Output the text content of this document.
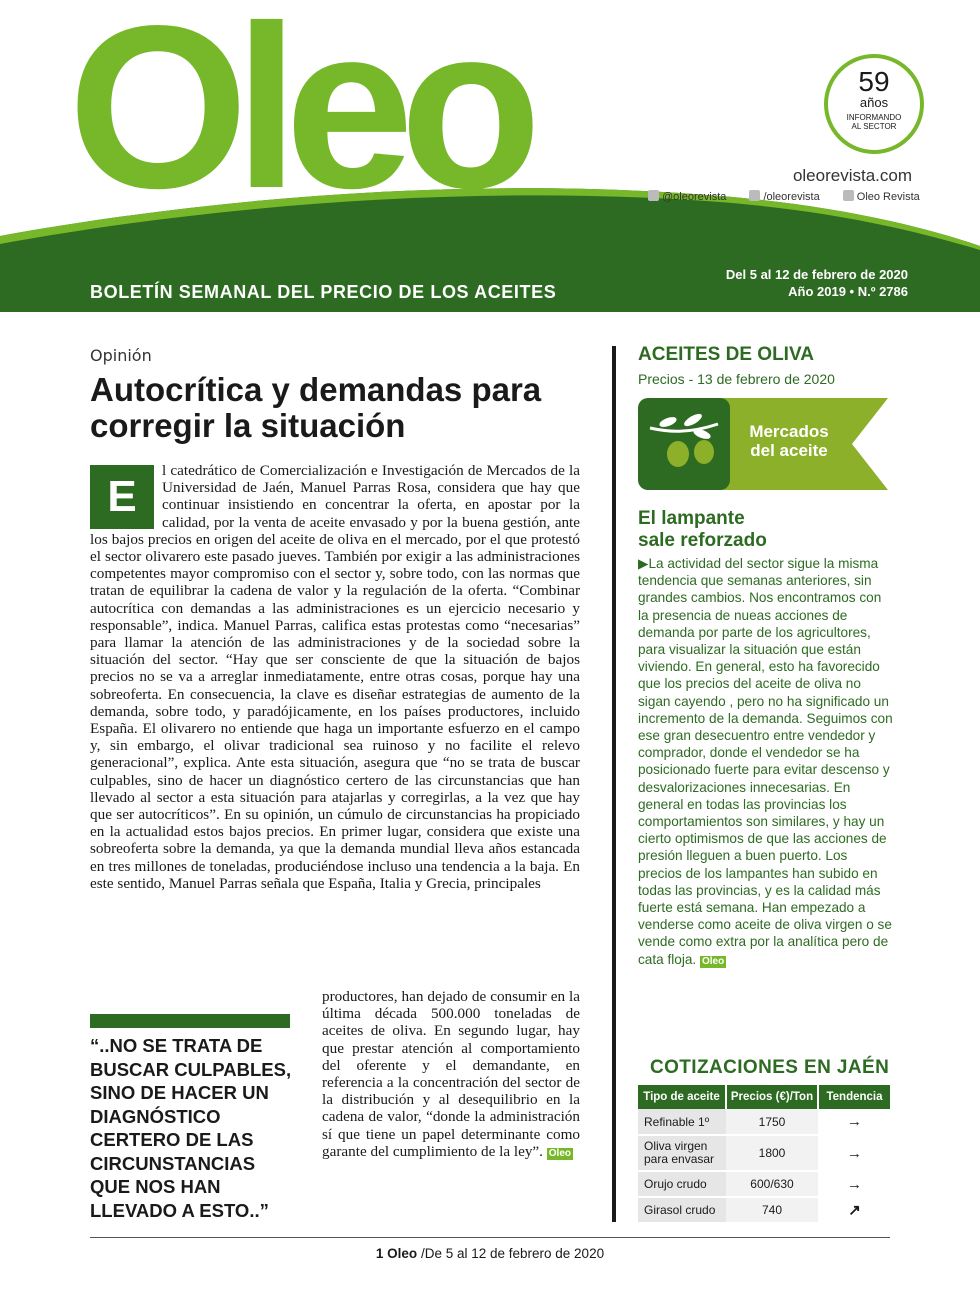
Oleo	59
años
INFORMANDO
AL SECTOR
oleorevista.com
@oleorevista	/oleorevista	Oleo Revista
BOLETÍN SEMANAL DEL PRECIO DE LOS ACEITES
Del 5 al 12 de febrero de 2020
Año 2019 • N.º 2786
Opinión
Autocrítica y demandas para corregir la situación
E

l catedrático de Comercialización e Investigación de Mercados de la Universidad de Jaén, Manuel Parras Rosa, considera que hay que continuar insistiendo en concentrar la oferta, en apostar por la calidad, por la venta de aceite envasado y por la buena gestión, ante los bajos precios en origen del aceite de oliva en el mercado, por el que protestó el sector olivarero este pasado jueves. También por exigir a las administraciones competentes mayor compromiso con el sector y, sobre todo, con las normas que tratan de equilibrar la cadena de valor y la regulación de la oferta. “Combinar autocrítica con demandas a las administraciones es un ejercicio necesario y responsable”, indica. Manuel Parras, califica estas protestas como “necesarias” para llamar la atención de las administraciones y de la sociedad sobre la situación del sector. “Hay que ser consciente de que la situación de bajos precios no se va a arreglar inmediatamente, entre otras cosas, porque hay una sobreoferta. En consecuencia, la clave es diseñar estrategias de aumento de la demanda, sobre todo, y paradójicamente, en los países productores, incluido España. El olivarero no entiende que haga un importante esfuerzo en el campo y, sin embargo, el olivar tradicional sea ruinoso y no facilite el relevo generacional”, explica. Ante esta situación, asegura que “no se trata de buscar culpables, sino de hacer un diagnóstico certero de las circunstancias que han llevado al sector a esta situación para atajarlas y corregirlas, a la vez que hay que ser autocríticos”. En su opinión, un cúmulo de circunstancias ha propiciado en la actualidad estos bajos precios. En primer lugar, considera que existe una sobreoferta sobre la demanda, ya que la demanda mundial lleva años estancada en tres millones de toneladas, produciéndose incluso una tendencia a la baja. En este sentido, Manuel Parras señala que España, Italia y Grecia, principales

“..NO SE TRATA DE BUSCAR CULPABLES, SINO DE HACER UN DIAGNÓSTICO CERTERO DE LAS CIRCUNSTANCIAS QUE NOS HAN LLEVADO A ESTO..”
productores, han dejado de consumir en la última década 500.000 toneladas de aceites de oliva. En segundo lugar, hay que prestar atención al comportamiento del oferente y el demandante, en referencia a la concentración del sector de la distribución y al desequilibrio en la cadena de valor, “donde la administración sí que tiene un papel determinante como garante del cumplimiento de la ley”. Oleo
ACEITES DE OLIVA
Precios - 13 de febrero de 2020
Mercados
del aceite
El lampante
sale reforzado
▶La actividad del sector sigue la misma tendencia que semanas anteriores, sin grandes cambios. Nos encontramos con la presencia de nueas acciones de demanda por parte de los agricultores, para visualizar la situación que están viviendo. En general, esto ha favorecido que los precios del aceite de oliva no sigan cayendo , pero no ha significado un incremento de la demanda. Seguimos con ese gran desecuentro entre vendedor y comprador, donde el vendedor se ha posicionado fuerte para evitar descenso y desvalorizaciones innecesarias. En general en todas las provincias los comportamientos son similares, y hay un cierto optimismos de que las acciones de presión lleguen a buen puerto. Los precios de los lampantes han subido en todas las provincias, y es la calidad más fuerte está semana. Han empezado a venderse como aceite de oliva virgen o se vende como extra por la analítica pero de cata floja. Oleo
COTIZACIONES EN JAÉN
Tipo de aceite	Precios (€)/Ton	Tendencia
Refinable 1º	1750	→
Oliva virgen para envasar	1800	→
Orujo crudo	600/630	→
Girasol crudo	740	↗
1 Oleo /De 5 al 12 de febrero de 2020
